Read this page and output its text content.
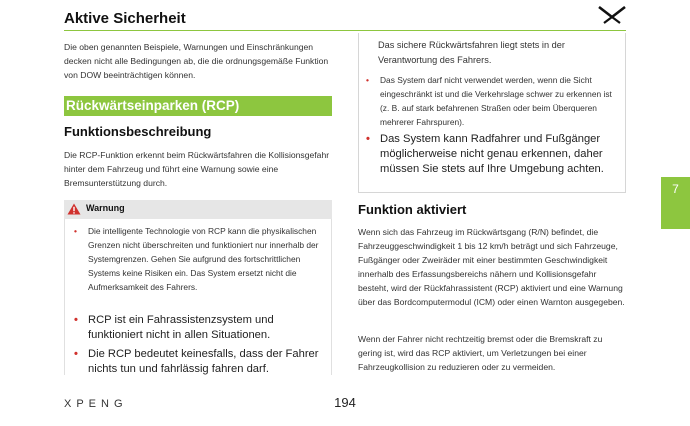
Aktive Sicherheit
Die oben genannten Beispiele, Warnungen und Einschränkungen decken nicht alle Bedingungen ab, die die ordnungsgemäße Funktion von DOW beeinträchtigen können.
Rückwärtseinparken (RCP)
Funktionsbeschreibung
Die RCP-Funktion erkennt beim Rückwärtsfahren die Kollisionsgefahr hinter dem Fahrzeug und führt eine Warnung sowie eine Bremsunterstützung durch.
Warnung
• Die intelligente Technologie von RCP kann die physikalischen Grenzen nicht überschreiten und funktioniert nur innerhalb der Systemgrenzen. Gehen Sie aufgrund des fortschrittlichen Systems keine Risiken ein. Das System ersetzt nicht die Aufmerksamkeit des Fahrers.
• RCP ist ein Fahrassistenzsystem und funktioniert nicht in allen Situationen.
• Die RCP bedeutet keinesfalls, dass der Fahrer nichts tun und fahrlässig fahren darf.
Das sichere Rückwärtsfahren liegt stets in der Verantwortung des Fahrers.
• Das System darf nicht verwendet werden, wenn die Sicht eingeschränkt ist und die Verkehrslage schwer zu erkennen ist (z. B. auf stark befahrenen Straßen oder beim Überqueren mehrerer Fahrspuren).
• Das System kann Radfahrer und Fußgänger möglicherweise nicht genau erkennen, daher müssen Sie stets auf Ihre Umgebung achten.
Funktion aktiviert
Wenn sich das Fahrzeug im Rückwärtsgang (R/N) befindet, die Fahrzeuggeschwindigkeit 1 bis 12 km/h beträgt und sich Fahrzeuge, Fußgänger oder Zweiräder mit einer bestimmten Geschwindigkeit innerhalb des Erfassungsbereichs nähern und Kollisionsgefahr besteht, wird der Rückfahrassistent (RCP) aktiviert und eine Warnung über das Bordcomputermodul (ICM) oder einen Warnton ausgegeben.
Wenn der Fahrer nicht rechtzeitig bremst oder die Bremskraft zu gering ist, wird das RCP aktiviert, um Verletzungen bei einer Fahrzeugkollision zu reduzieren oder zu vermeiden.
7
XPENG	194
